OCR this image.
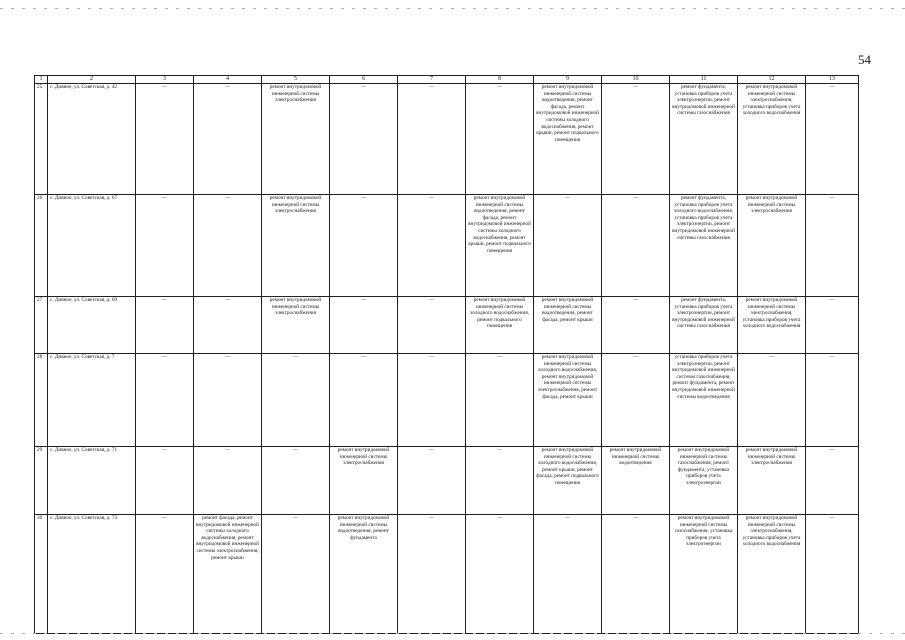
54
1	2	3	4	5	6	7	8	9	10	11	12	13
25	с. Дивное, ул. Советская, д. 42	—	—	ремонт внутридомовой инженерной системы электроснабжения	—	—	—	ремонт внутридомовой инженерной системы водоотведения, ремонт фасада, ремонт внутридомовой инженерной системы холодного водоснабжения, ремонт крыши, ремонт подвального помещения	—	ремонт фундамента, установка приборов учета электроэнергии, ремонт внутридомовой инженерной системы газоснабжения	ремонт внутридомовой инженерной системы электроснабжения, установка приборов учета холодного водоснабжения	—

26	с. Дивное, ул. Советская, д. 67	—	—	ремонт внутридомовой инженерной системы электроснабжения	—	—	ремонт внутридомовой инженерной системы водоотведения, ремонт фасада, ремонт внутридомовой инженерной системы холодного водоснабжения, ремонт крыши, ремонт подвального помещения	—	—	ремонт фундамента, установка приборов учета холодного водоснабжения, установка приборов учета электроэнергии, ремонт внутридомовой инженерной системы газоснабжения	ремонт внутридомовой инженерной системы электроснабжения	—

27	с. Дивное, ул. Советская, д. 69	—	—	ремонт внутридомовой инженерной системы электроснабжения	—	—	ремонт внутридомовой инженерной системы холодного водоснабжения, ремонт подвального помещения	ремонт внутридомовой инженерной системы водоотведения, ремонт фасада, ремонт крыши	—	ремонт фундамента, установка приборов учета электроэнергии, ремонт внутридомовой инженерной системы газоснабжения	ремонт внутридомовой инженерной системы электроснабжения, установка приборов учета холодного водоснабжения	—

28	с. Дивное, ул. Советская, д. 7	—	—	—	—	—	—	ремонт внутридомовой инженерной системы холодного водоснабжения, ремонт внутридомовой инженерной системы электроснабжения, ремонт фасада, ремонт крыши	—	установка приборов учета электроэнергии, ремонт внутридомовой инженерной системы газоснабжения, ремонт фундамента, ремонт внутридомовой инженерной системы водоотведения	—	—

29	с. Дивное, ул. Советская, д. 71	—	—	—	ремонт внутридомовой инженерной системы электроснабжения	—	—	ремонт внутридомовой инженерной системы холодного водоснабжения, ремонт крыши, ремонт фасада, ремонт подвального помещения	ремонт внутридомовой инженерной системы водоотведения	ремонт внутридомовой инженерной системы газоснабжения, ремонт фундамента, установка приборов учета электроэнергии	ремонт внутридомовой инженерной системы электроснабжения	—

30	с. Дивное, ул. Советская, д. 73	—	ремонт фасада, ремонт внутридомовой инженерной системы холодного водоснабжения, ремонт внутридомовой инженерной системы электроснабжения, ремонт крыши	—	ремонт внутридомовой инженерной системы водоотведения, ремонт фундамента	—	—	—	—	ремонт внутридомовой инженерной системы газоснабжения, установка приборов учета электроэнергии	ремонт внутридомовой инженерной системы электроснабжения, установка приборов учета холодного водоснабжения	—
